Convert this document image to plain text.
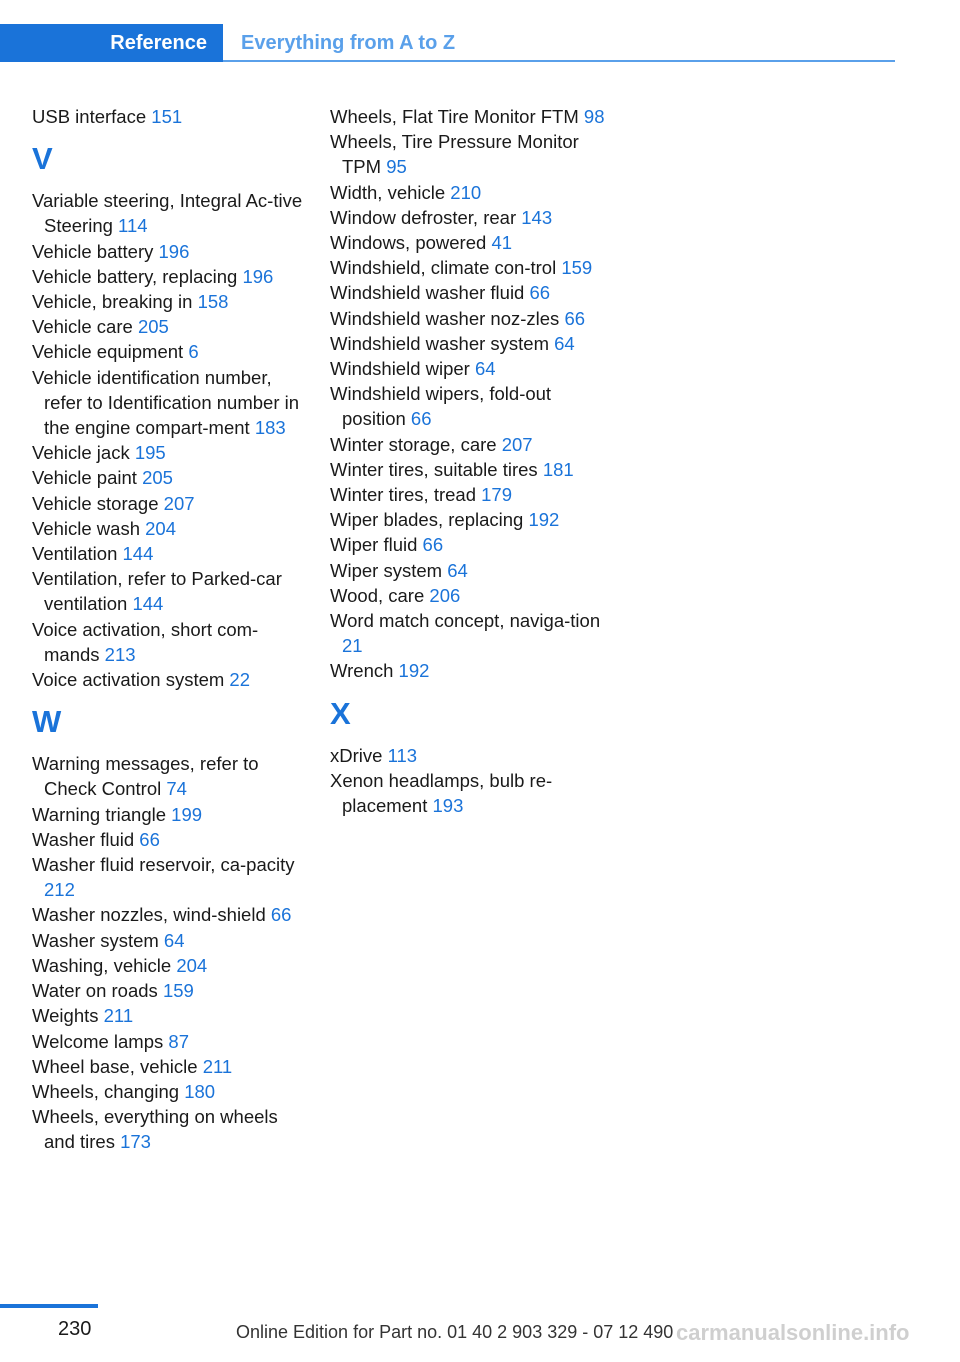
Reference	Everything from A to Z
USB interface 151
V
Variable steering, Integral Ac-tive Steering 114
Vehicle battery 196
Vehicle battery, replacing 196
Vehicle, breaking in 158
Vehicle care 205
Vehicle equipment 6
Vehicle identification number, refer to Identification number in the engine compart-ment 183
Vehicle jack 195
Vehicle paint 205
Vehicle storage 207
Vehicle wash 204
Ventilation 144
Ventilation, refer to Parked-car ventilation 144
Voice activation, short com-mands 213
Voice activation system 22
W
Warning messages, refer to Check Control 74
Warning triangle 199
Washer fluid 66
Washer fluid reservoir, ca-pacity 212
Washer nozzles, wind-shield 66
Washer system 64
Washing, vehicle 204
Water on roads 159
Weights 211
Welcome lamps 87
Wheel base, vehicle 211
Wheels, changing 180
Wheels, everything on wheels and tires 173
Wheels, Flat Tire Monitor FTM 98
Wheels, Tire Pressure Monitor TPM 95
Width, vehicle 210
Window defroster, rear 143
Windows, powered 41
Windshield, climate con-trol 159
Windshield washer fluid 66
Windshield washer noz-zles 66
Windshield washer system 64
Windshield wiper 64
Windshield wipers, fold-out position 66
Winter storage, care 207
Winter tires, suitable tires 181
Winter tires, tread 179
Wiper blades, replacing 192
Wiper fluid 66
Wiper system 64
Wood, care 206
Word match concept, naviga-tion 21
Wrench 192
X
xDrive 113
Xenon headlamps, bulb re-placement 193
230	Online Edition for Part no. 01 40 2 903 329 - 07 12 490 carmanualsonline.info
